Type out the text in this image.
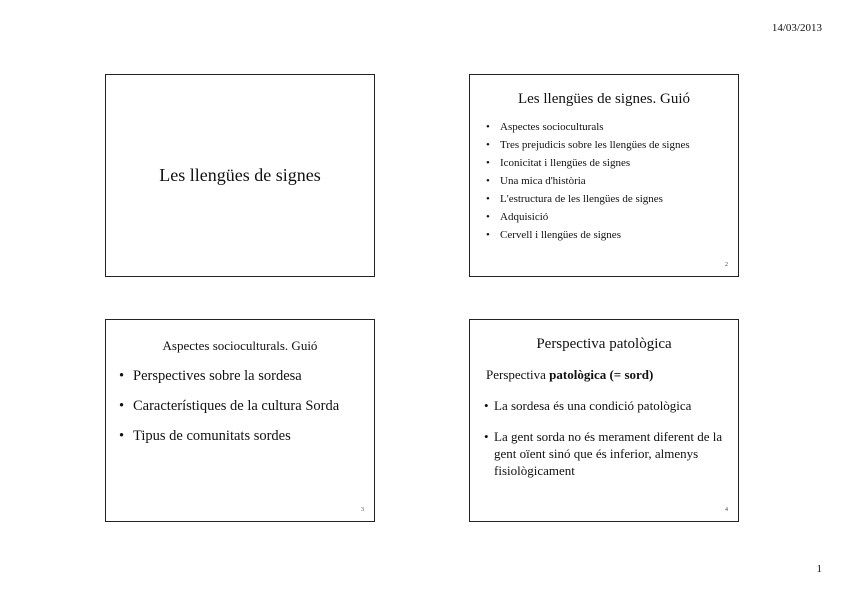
14/03/2013
Les llengües de signes
Les llengües de signes. Guió
• Aspectes socioculturals
• Tres prejudicis sobre les llengües de signes
• Iconicitat i llengües de signes
• Una mica d'història
• L'estructura de les llengües de signes
• Adquisició
• Cervell i llengües de signes
2
Aspectes socioculturals. Guió
• Perspectives sobre la sordesa
• Característiques de la cultura Sorda
• Tipus de comunitats sordes
3
Perspectiva patològica
Perspectiva patològica (= sord)
• La sordesa és una condició patològica
• La gent sorda no és merament diferent de la gent oïent sinó que és inferior, almenys fisiològicament
4
1
